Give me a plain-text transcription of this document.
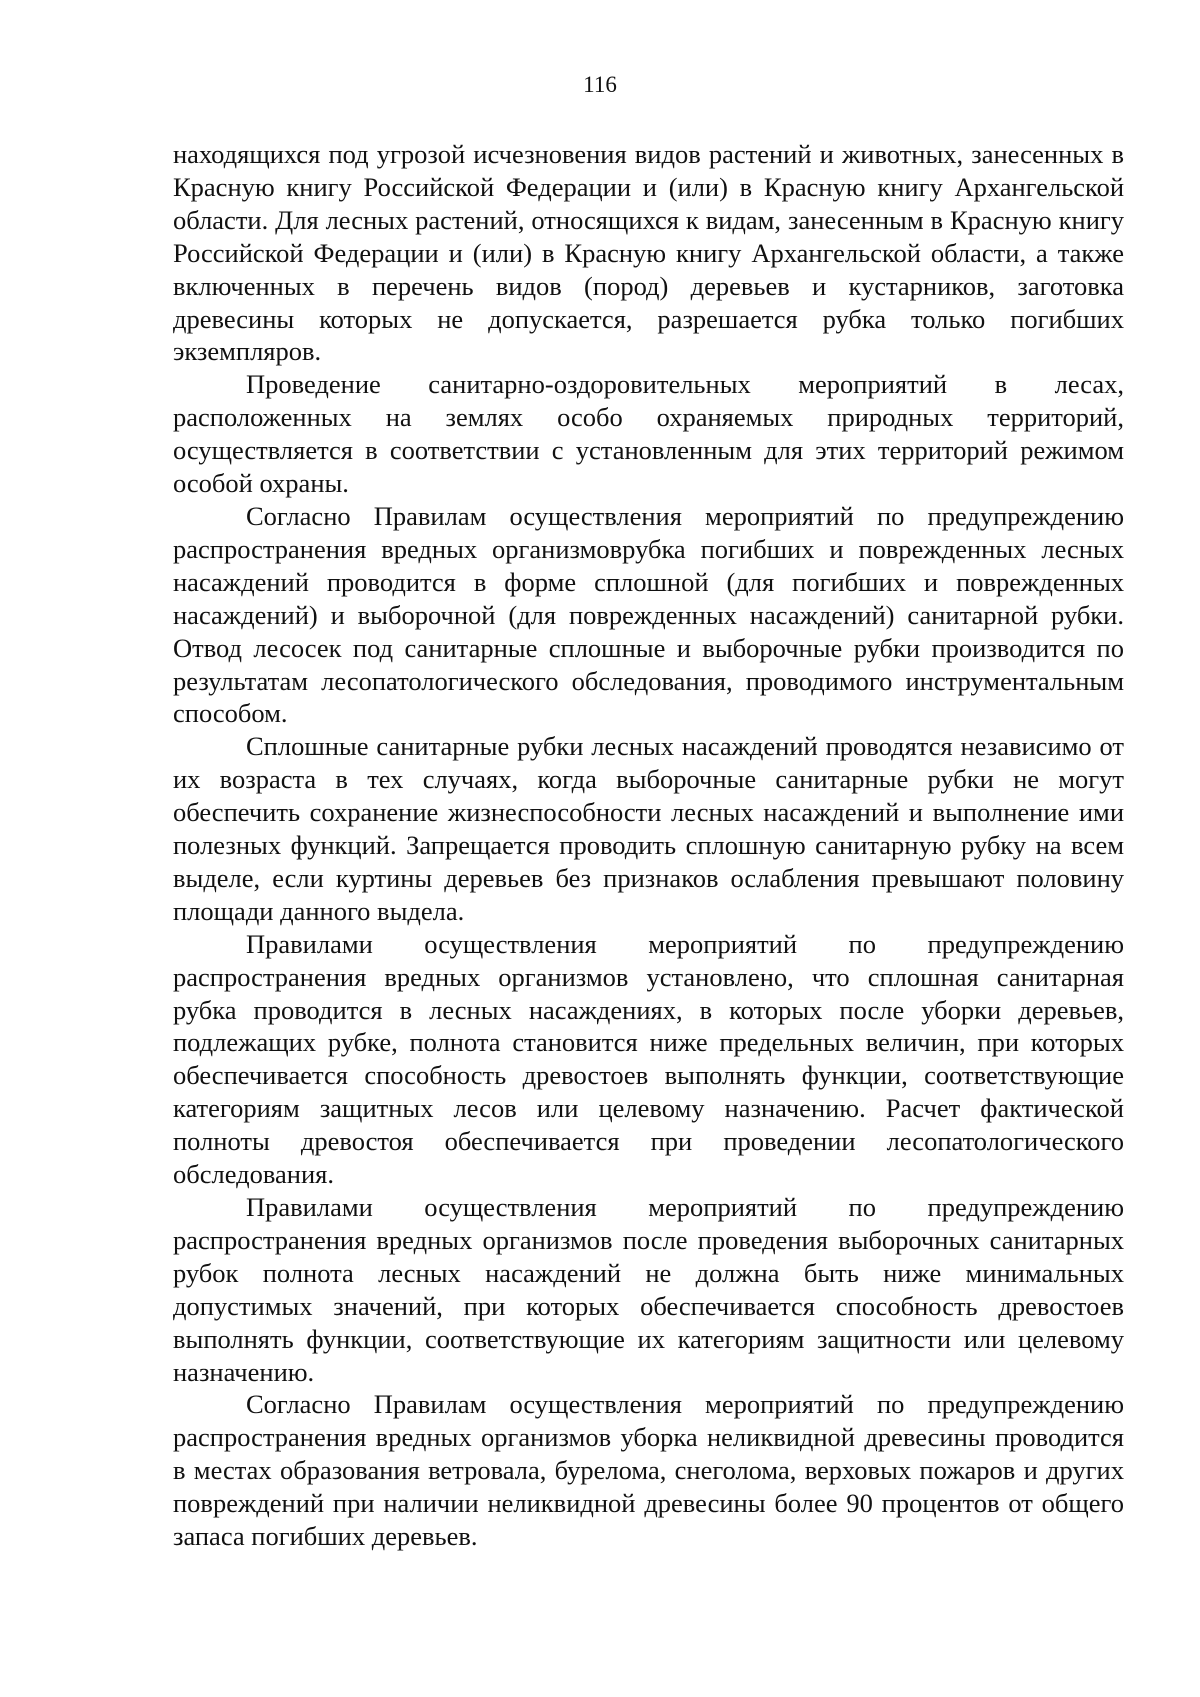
116

находящихся под угрозой исчезновения видов растений и животных, занесенных в Красную книгу Российской Федерации и (или) в Красную книгу Архангельской области. Для лесных растений, относящихся к видам, занесенным в Красную книгу Российской Федерации и (или) в Красную книгу Архангельской области, а также включенных в перечень видов (пород) деревьев и кустарников, заготовка древесины которых не допускается, разрешается рубка только погибших экземпляров.

Проведение санитарно-оздоровительных мероприятий в лесах, расположенных на землях особо охраняемых природных территорий, осуществляется в соответствии с установленным для этих территорий режимом особой охраны.

Согласно Правилам осуществления мероприятий по предупреждению распространения вредных организмоврубка погибших и поврежденных лесных насаждений проводится в форме сплошной (для погибших и поврежденных насаждений) и выборочной (для поврежденных насаждений) санитарной рубки. Отвод лесосек под санитарные сплошные и выборочные рубки производится по результатам лесопатологического обследования, проводимого инструментальным способом.

Сплошные санитарные рубки лесных насаждений проводятся независимо от их возраста в тех случаях, когда выборочные санитарные рубки не могут обеспечить сохранение жизнеспособности лесных насаждений и выполнение ими полезных функций. Запрещается проводить сплошную санитарную рубку на всем выделе, если куртины деревьев без признаков ослабления превышают половину площади данного выдела.

Правилами осуществления мероприятий по предупреждению распространения вредных организмов установлено, что сплошная санитарная рубка проводится в лесных насаждениях, в которых после уборки деревьев, подлежащих рубке, полнота становится ниже предельных величин, при которых обеспечивается способность древостоев выполнять функции, соответствующие категориям защитных лесов или целевому назначению. Расчет фактической полноты древостоя обеспечивается при проведении лесопатологического обследования.

Правилами осуществления мероприятий по предупреждению распространения вредных организмов после проведения выборочных санитарных рубок полнота лесных насаждений не должна быть ниже минимальных допустимых значений, при которых обеспечивается способность древостоев выполнять функции, соответствующие их категориям защитности или целевому назначению.

Согласно Правилам осуществления мероприятий по предупреждению распространения вредных организмов уборка неликвидной древесины проводится в местах образования ветровала, бурелома, снеголома, верховых пожаров и других повреждений при наличии неликвидной древесины более 90 процентов от общего запаса погибших деревьев.
